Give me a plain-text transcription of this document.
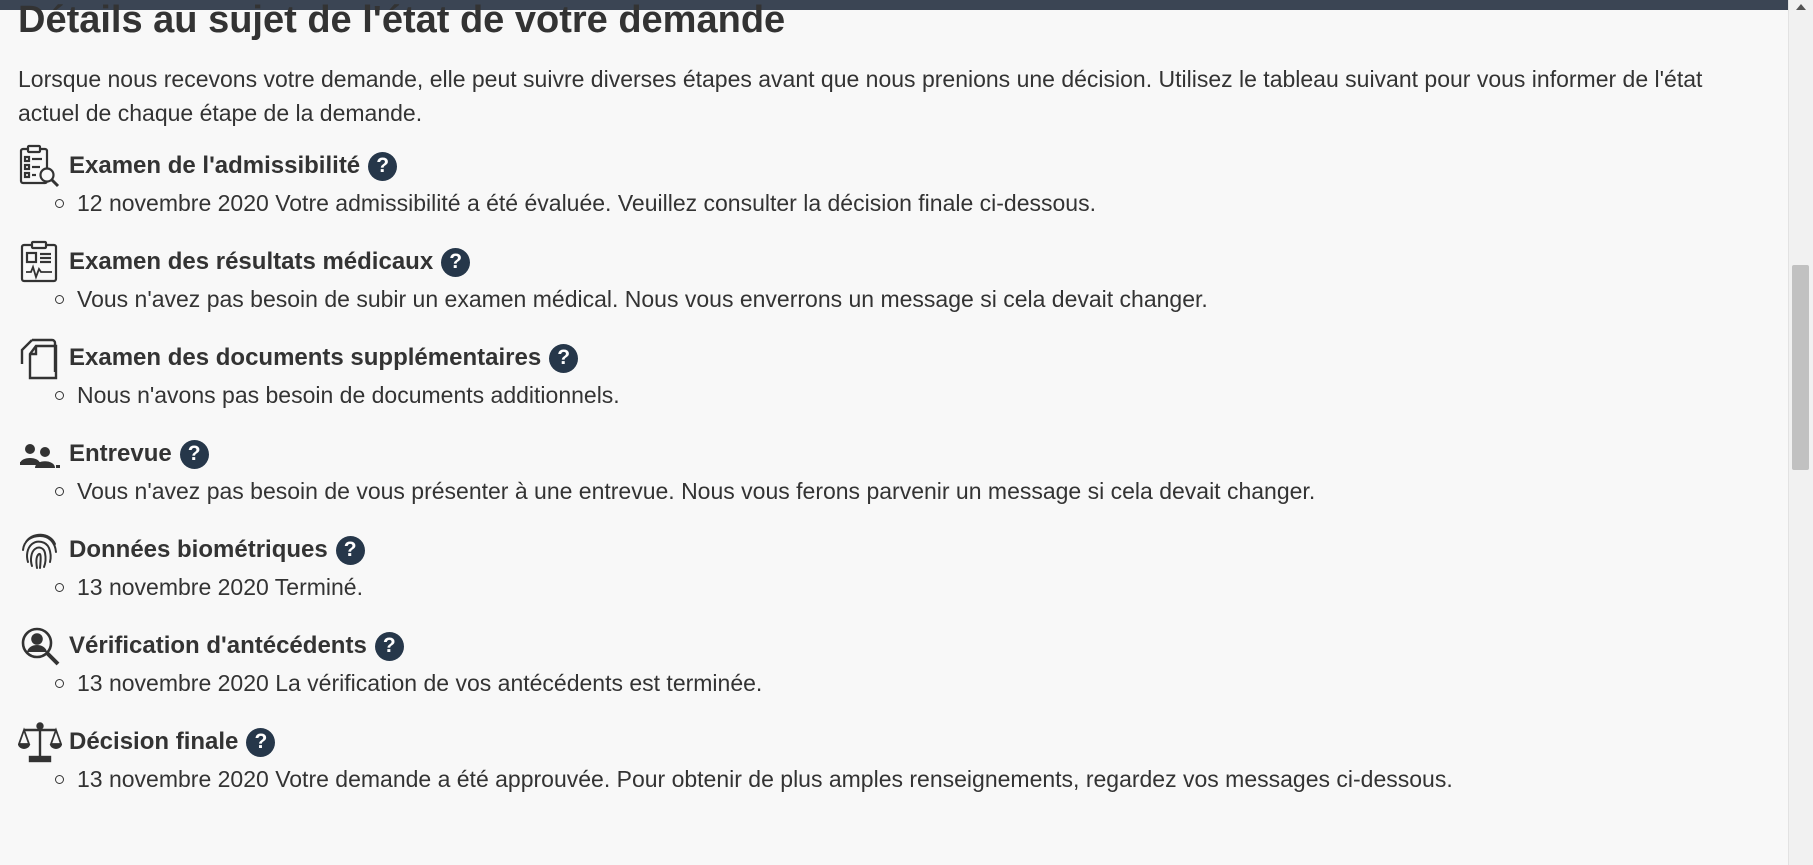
Détails au sujet de l'état de votre demande

Lorsque nous recevons votre demande, elle peut suivre diverses étapes avant que nous prenions une décision. Utilisez le tableau suivant pour vous informer de l'état actuel de chaque étape de la demande.

Examen de l'admissibilité ?
12 novembre 2020 Votre admissibilité a été évaluée. Veuillez consulter la décision finale ci-dessous.
Examen des résultats médicaux ?
Vous n'avez pas besoin de subir un examen médical. Nous vous enverrons un message si cela devait changer.
Examen des documents supplémentaires ?
Nous n'avons pas besoin de documents additionnels.
Entrevue ?
Vous n'avez pas besoin de vous présenter à une entrevue. Nous vous ferons parvenir un message si cela devait changer.
Données biométriques ?
13 novembre 2020 Terminé.
Vérification d'antécédents ?
13 novembre 2020 La vérification de vos antécédents est terminée.
Décision finale ?
13 novembre 2020 Votre demande a été approuvée. Pour obtenir de plus amples renseignements, regardez vos messages ci-dessous.
